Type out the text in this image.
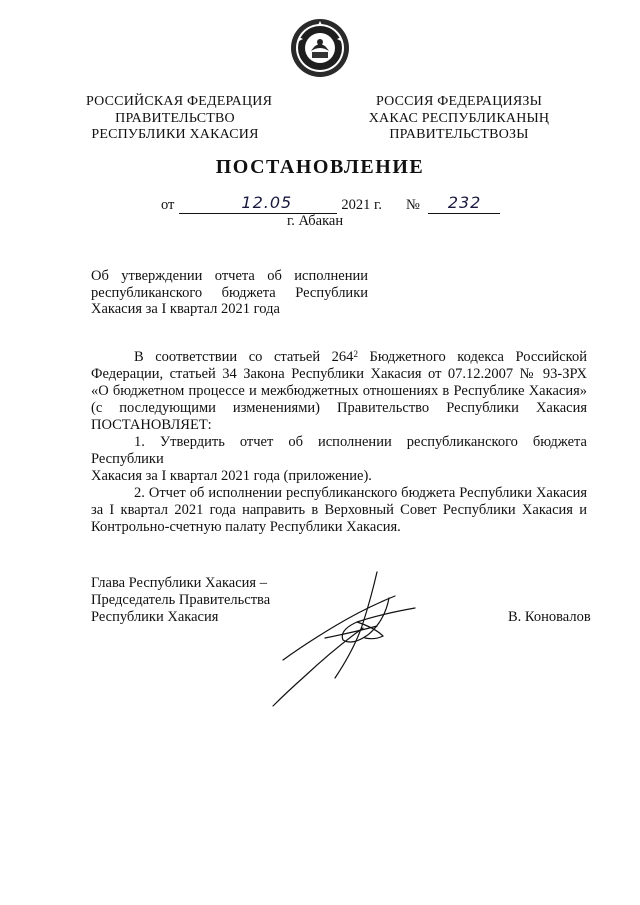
РОССИЙСКАЯ ФЕДЕРАЦИЯ
ПРАВИТЕЛЬСТВО
РЕСПУБЛИКИ ХАКАСИЯ
РОССИЯ ФЕДЕРАЦИЯЗЫ
ХАКАС РЕСПУБЛИКАНЫҢ
ПРАВИТЕЛЬСТВОЗЫ
ПОСТАНОВЛЕНИЕ
от	12.05	2021 г. № 232
г. Абакан
Об утверждении отчета об исполнении
республиканского бюджета Республики
Хакасия за I квартал 2021 года
В соответствии со статьей $264^2$ Бюджетного кодекса Российской
Федерации, статьей 34 Закона Республики Хакасия от 07.12.2007 № 93-ЗРХ
«О бюджетном процессе и межбюджетных отношениях в Республике Хакасия»
(с последующими изменениями) Правительство Республики Хакасия
ПОСТАНОВЛЯЕТ:
1. Утвердить отчет об исполнении республиканского бюджета Республики
Хакасия за I квартал 2021 года (приложение).
2. Отчет об исполнении республиканского бюджета Республики Хакасия
за I квартал 2021 года направить в Верховный Совет Республики Хакасия и
Контрольно-счетную палату Республики Хакасия.
Глава Республики Хакасия –
Председатель Правительства
Республики Хакасия	В. Коновалов
